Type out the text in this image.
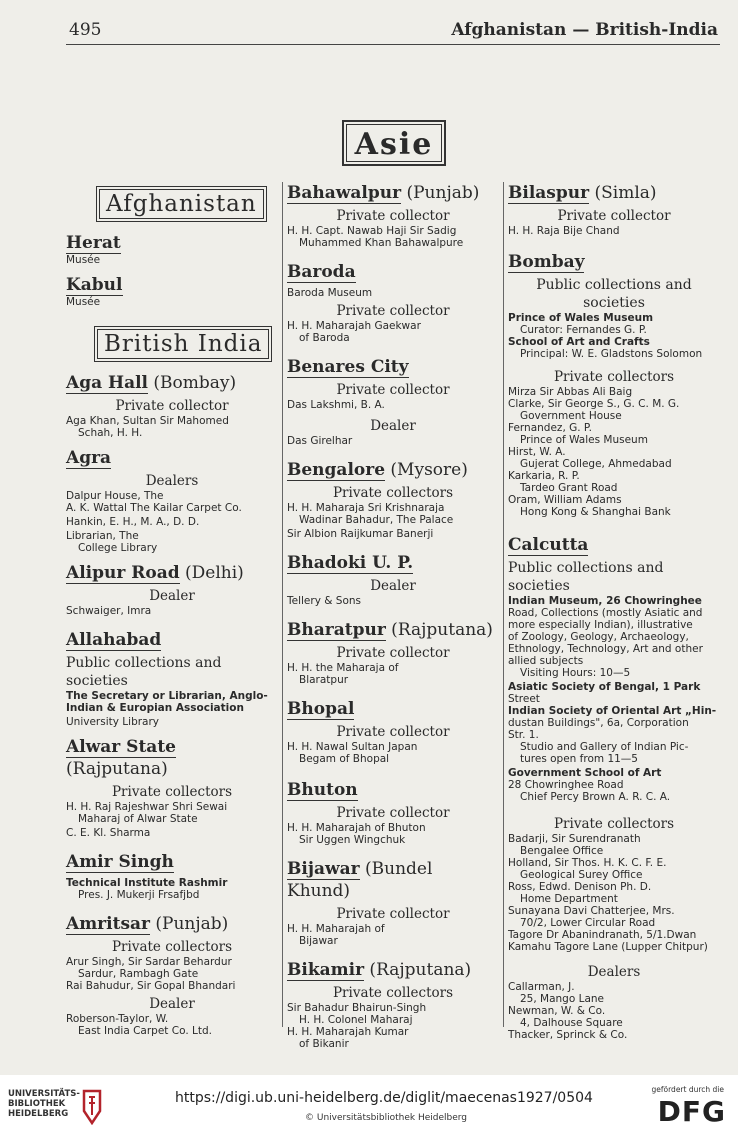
495	Afghanistan — British-India
Asie
Afghanistan
Herat
Musée
Kabul
Musée
British India
Aga Hall (Bombay)
Private collector
Aga Khan, Sultan Sir Mahomed
Schah, H. H.
Agra
Dealers
Dalpur House, The
A. K. Wattal The Kailar Carpet Co.
Hankin, E. H., M. A., D. D.
Librarian, The
College Library
Alipur Road (Delhi)
Dealer
Schwaiger, Imra
Allahabad
Public collections and societies
The Secretary or Librarian, Anglo-
Indian & Europian Association
University Library
Alwar State (Rajputana)
Private collectors
H. H. Raj Rajeshwar Shri Sewai
Maharaj of Alwar State
C. E. Kl. Sharma
Amir Singh
Technical Institute Rashmir
Pres. J. Mukerji Frsafjbd
Amritsar (Punjab)
Private collectors
Arur Singh, Sir Sardar Behardur
Sardur, Rambagh Gate
Rai Bahudur, Sir Gopal Bhandari
Dealer
Roberson-Taylor, W.
East India Carpet Co. Ltd.
Bahawalpur (Punjab)
Private collector
H. H. Capt. Nawab Haji Sir Sadig
Muhammed Khan Bahawalpure
Baroda
Baroda Museum
Private collector
H. H. Maharajah Gaekwar
of Baroda
Benares City
Private collector
Das Lakshmi, B. A.
Dealer
Das Girelhar
Bengalore (Mysore)
Private collectors
H. H. Maharaja Sri Krishnaraja
Wadinar Bahadur, The Palace
Sir Albion Raijkumar Banerji
Bhadoki U. P.
Dealer
Tellery & Sons
Bharatpur (Rajputana)
Private collector
H. H. the Maharaja of
Blaratpur
Bhopal
Private collector
H. H. Nawal Sultan Japan
Begam of Bhopal
Bhuton
Private collector
H. H. Maharajah of Bhuton
Sir Uggen Wingchuk
Bijawar (Bundel Khund)
Private collector
H. H. Maharajah of
Bijawar
Bikamir (Rajputana)
Private collectors
Sir Bahadur Bhairun-Singh
H. H. Colonel Maharaj
H. H. Maharajah Kumar
of Bikanir
Bilaspur (Simla)
Private collector
H. H. Raja Bije Chand
Bombay
Public collections and societies
Prince of Wales Museum
Curator: Fernandes G. P.
School of Art and Crafts
Principal: W. E. Gladstons Solomon
Private collectors
Mirza Sir Abbas Ali Baig
Clarke, Sir George S., G. C. M. G.
Government House
Fernandez, G. P.
Prince of Wales Museum
Hirst, W. A.
Gujerat College, Ahmedabad
Karkaria, R. P.
Tardeo Grant Road
Oram, William Adams
Hong Kong & Shanghai Bank
Calcutta
Public collections and societies
Indian Museum, 26 Chowringhee
Road, Collections (mostly Asiatic and
more especially Indian), illustrative
of Zoology, Geology, Archaeology,
Ethnology, Technology, Art and other
allied subjects
Visiting Hours: 10—5
Asiatic Society of Bengal, 1 Park
Street
Indian Society of Oriental Art „Hin-
dustan Buildings", 6a, Corporation
Str. 1.
Studio and Gallery of Indian Pic-
tures open from 11—5
Government School of Art
28 Chowringhee Road
Chief Percy Brown A. R. C. A.
Private collectors
Badarji, Sir Surendranath
Bengalee Office
Holland, Sir Thos. H. K. C. F. E.
Geological Surey Office
Ross, Edwd. Denison Ph. D.
Home Department
Sunayana Davi Chatterjee, Mrs.
70/2, Lower Circular Road
Tagore Dr Abanindranath, 5/1.Dwan
Kamahu Tagore Lane (Lupper Chitpur)
Dealers
Callarman, J.
25, Mango Lane
Newman, W. & Co.
4, Dalhouse Square
Thacker, Sprinck & Co.
UNIVERSITÄTS-
BIBLIOTHEK
HEIDELBERG
https://digi.ub.uni-heidelberg.de/diglit/maecenas1927/0504
© Universitätsbibliothek Heidelberg
gefördert durch die
DFG
